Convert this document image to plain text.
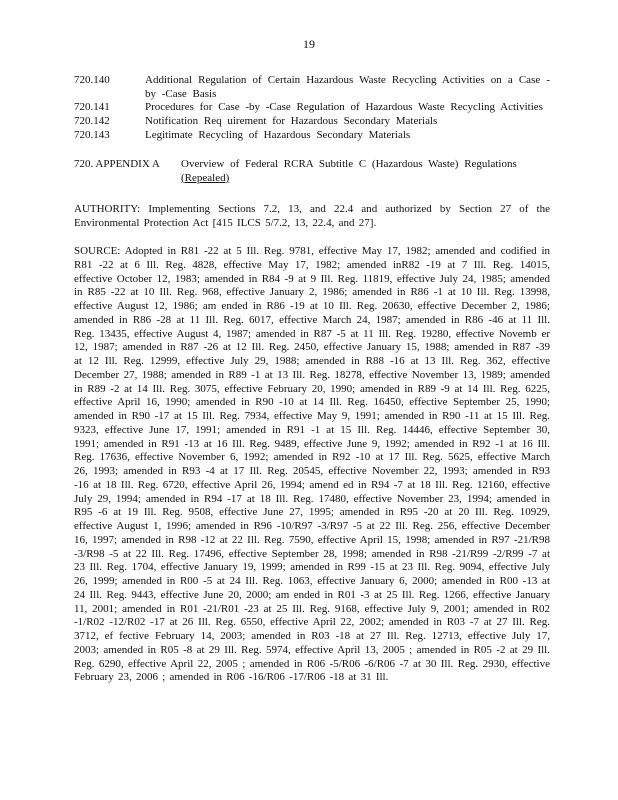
19
720.140	Additional Regulation of Certain Hazardous Waste Recycling Activities on a Case -by -Case Basis
720.141	Procedures for Case -by -Case Regulation of Hazardous Waste Recycling Activities
720.142	Notification Req uirement for Hazardous Secondary Materials
720.143	Legitimate Recycling of Hazardous Secondary Materials
720. APPENDIX A Overview of Federal RCRA Subtitle C (Hazardous Waste) Regulations
(Repealed)
AUTHORITY: Implementing Sections 7.2, 13, and 22.4 and authorized by Section 27 of the Environmental Protection Act [415 ILCS 5/7.2, 13, 22.4, and 27].
SOURCE: Adopted in R81 -22 at 5 Ill. Reg. 9781, effective May 17, 1982; amended and codified in R81 -22 at 6 Ill. Reg. 4828, effective May 17, 1982; amended inR82 -19 at 7 Ill. Reg. 14015, effective October 12, 1983; amended in R84 -9 at 9 Ill. Reg. 11819, effective July 24, 1985; amended in R85 -22 at 10 Ill. Reg. 968, effective January 2, 1986; amended in R86 -1 at 10 Ill. Reg. 13998, effective August 12, 1986; am ended in R86 -19 at 10 Ill. Reg. 20630, effective December 2, 1986; amended in R86 -28 at 11 Ill. Reg. 6017, effective March 24, 1987; amended in R86 -46 at 11 Ill. Reg. 13435, effective August 4, 1987; amended in R87 -5 at 11 Ill. Reg. 19280, effective Novemb er 12, 1987; amended in R87 -26 at 12 Ill. Reg. 2450, effective January 15, 1988; amended in R87 -39 at 12 Ill. Reg. 12999, effective July 29, 1988; amended in R88 -16 at 13 Ill. Reg. 362, effective December 27, 1988; amended in R89 -1 at 13 Ill. Reg. 18278, effective November 13, 1989; amended in R89 -2 at 14 Ill. Reg. 3075, effective February 20, 1990; amended in R89 -9 at 14 Ill. Reg. 6225, effective April 16, 1990; amended in R90 -10 at 14 Ill. Reg. 16450, effective September 25, 1990; amended in R90 -17 at 15 Ill. Reg. 7934, effective May 9, 1991; amended in R90 -11 at 15 Ill. Reg. 9323, effective June 17, 1991; amended in R91 -1 at 15 Ill. Reg. 14446, effective September 30, 1991; amended in R91 -13 at 16 Ill. Reg. 9489, effective June 9, 1992; amended in R92 -1 at 16 Ill. Reg. 17636, effective November 6, 1992; amended in R92 -10 at 17 Ill. Reg. 5625, effective March 26, 1993; amended in R93 -4 at 17 Ill. Reg. 20545, effective November 22, 1993; amended in R93 -16 at 18 Ill. Reg. 6720, effective April 26, 1994; amend ed in R94 -7 at 18 Ill. Reg. 12160, effective July 29, 1994; amended in R94 -17 at 18 Ill. Reg. 17480, effective November 23, 1994; amended in R95 -6 at 19 Ill. Reg. 9508, effective June 27, 1995; amended in R95 -20 at 20 Ill. Reg. 10929, effective August 1, 1996; amended in R96 -10/R97 -3/R97 -5 at 22 Ill. Reg. 256, effective December 16, 1997; amended in R98 -12 at 22 Ill. Reg. 7590, effective April 15, 1998; amended in R97 -21/R98 -3/R98 -5 at 22 Ill. Reg. 17496, effective September 28, 1998; amended in R98 -21/R99 -2/R99 -7 at 23 Ill. Reg. 1704, effective January 19, 1999; amended in R99 -15 at 23 Ill. Reg. 9094, effective July 26, 1999; amended in R00 -5 at 24 Ill. Reg. 1063, effective January 6, 2000; amended in R00 -13 at 24 Ill. Reg. 9443, effective June 20, 2000; am ended in R01 -3 at 25 Ill. Reg. 1266, effective January 11, 2001; amended in R01 -21/R01 -23 at 25 Ill. Reg. 9168, effective July 9, 2001; amended in R02 -1/R02 -12/R02 -17 at 26 Ill. Reg. 6550, effective April 22, 2002; amended in R03 -7 at 27 Ill. Reg. 3712, ef fective February 14, 2003; amended in R03 -18 at 27 Ill. Reg. 12713, effective July 17, 2003; amended in R05 -8 at 29 Ill. Reg. 5974, effective April 13, 2005 ; amended in R05 -2 at 29 Ill. Reg. 6290, effective April 22, 2005 ; amended in R06 -5/R06 -6/R06 -7 at 30 Ill. Reg. 2930, effective February 23, 2006 ; amended in R06 -16/R06 -17/R06 -18 at 31 Ill.
